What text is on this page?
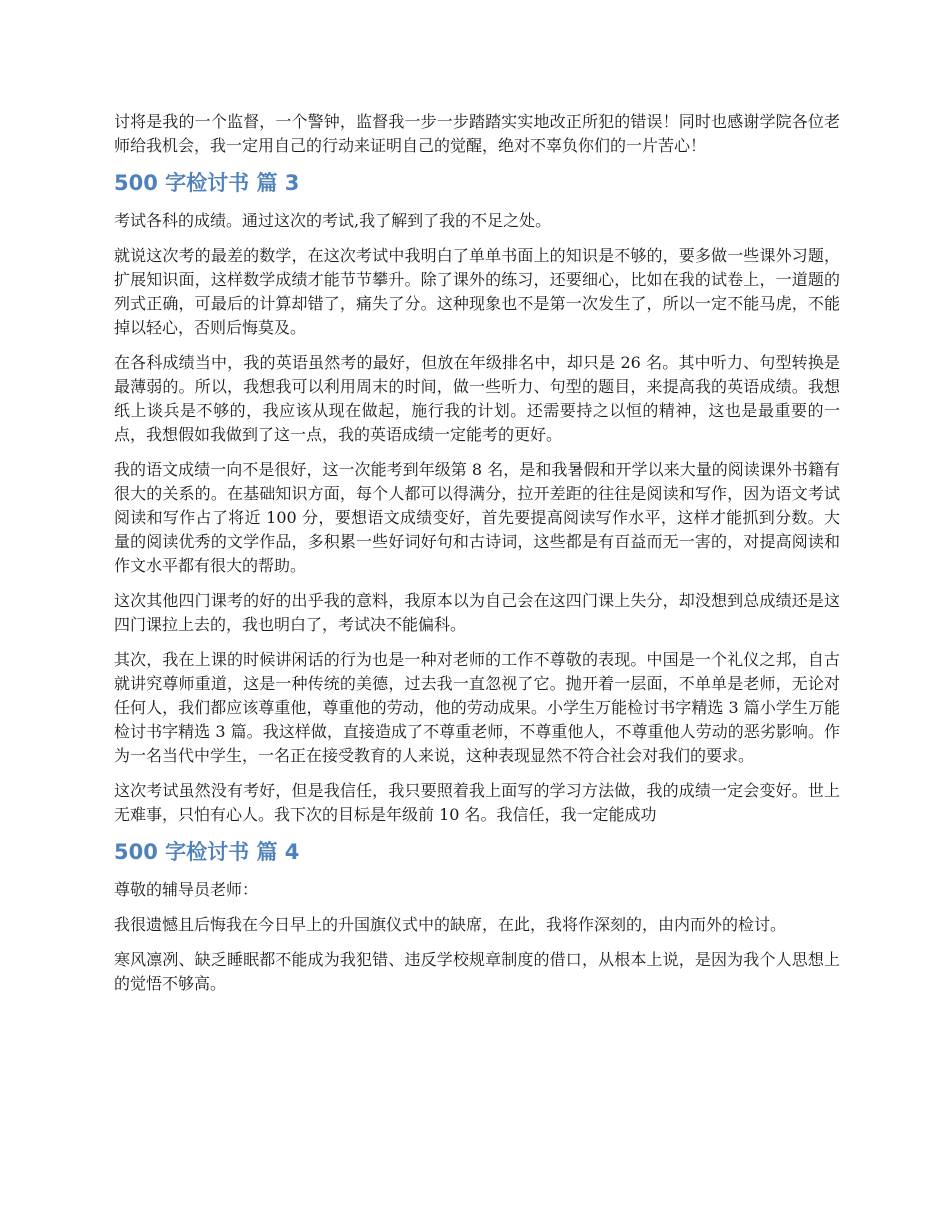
讨将是我的一个监督，一个警钟，监督我一步一步踏踏实实地改正所犯的错误！同时也感谢学院各位老师给我机会，我一定用自己的行动来证明自己的觉醒，绝对不辜负你们的一片苦心！

500 字检讨书 篇 3

考试各科的成绩。通过这次的考试,我了解到了我的不足之处。

就说这次考的最差的数学，在这次考试中我明白了单单书面上的知识是不够的，要多做一些课外习题，扩展知识面，这样数学成绩才能节节攀升。除了课外的练习，还要细心，比如在我的试卷上，一道题的列式正确，可最后的计算却错了，痛失了分。这种现象也不是第一次发生了，所以一定不能马虎，不能掉以轻心，否则后悔莫及。

在各科成绩当中，我的英语虽然考的最好，但放在年级排名中，却只是 26 名。其中听力、句型转换是最薄弱的。所以，我想我可以利用周末的时间，做一些听力、句型的题目，来提高我的英语成绩。我想纸上谈兵是不够的，我应该从现在做起，施行我的计划。还需要持之以恒的精神，这也是最重要的一点，我想假如我做到了这一点，我的英语成绩一定能考的更好。

我的语文成绩一向不是很好，这一次能考到年级第 8 名，是和我暑假和开学以来大量的阅读课外书籍有很大的关系的。在基础知识方面，每个人都可以得满分，拉开差距的往往是阅读和写作，因为语文考试阅读和写作占了将近 100 分，要想语文成绩变好，首先要提高阅读写作水平，这样才能抓到分数。大量的阅读优秀的文学作品，多积累一些好词好句和古诗词，这些都是有百益而无一害的，对提高阅读和作文水平都有很大的帮助。

这次其他四门课考的好的出乎我的意料，我原本以为自己会在这四门课上失分，却没想到总成绩还是这四门课拉上去的，我也明白了，考试决不能偏科。

其次，我在上课的时候讲闲话的行为也是一种对老师的工作不尊敬的表现。中国是一个礼仪之邦，自古就讲究尊师重道，这是一种传统的美德，过去我一直忽视了它。抛开着一层面，不单单是老师，无论对任何人，我们都应该尊重他，尊重他的劳动，他的劳动成果。小学生万能检讨书字精选 3 篇小学生万能检讨书字精选 3 篇。我这样做，直接造成了不尊重老师，不尊重他人，不尊重他人劳动的恶劣影响。作为一名当代中学生，一名正在接受教育的人来说，这种表现显然不符合社会对我们的要求。

这次考试虽然没有考好，但是我信任，我只要照着我上面写的学习方法做，我的成绩一定会变好。世上无难事，只怕有心人。我下次的目标是年级前 10 名。我信任，我一定能成功

500 字检讨书 篇 4

尊敬的辅导员老师：

我很遗憾且后悔我在今日早上的升国旗仪式中的缺席，在此，我将作深刻的，由内而外的检讨。

寒风凛冽、缺乏睡眠都不能成为我犯错、违反学校规章制度的借口，从根本上说，是因为我个人思想上的觉悟不够高。
